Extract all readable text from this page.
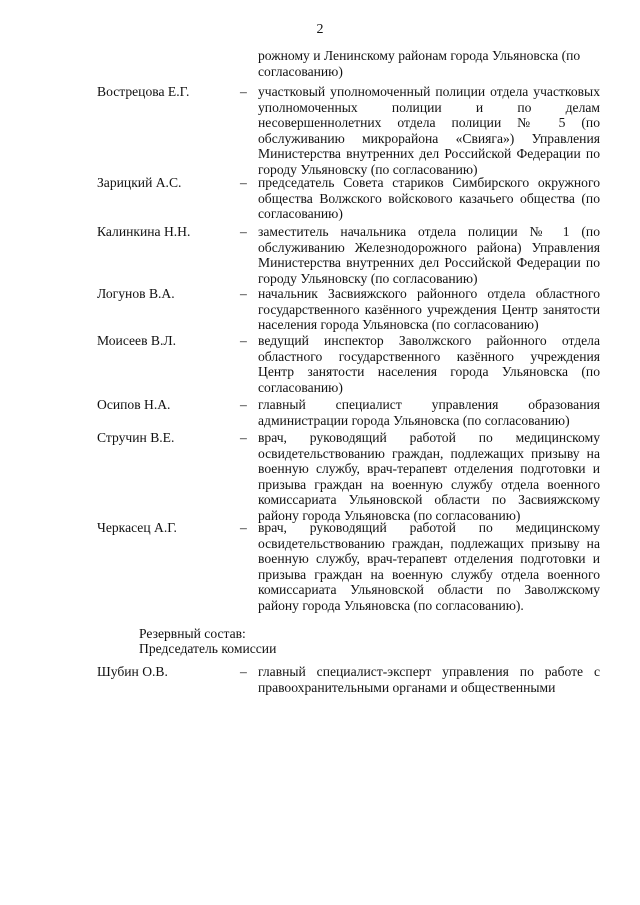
2
рожному и Ленинскому районам города Ульяновска (по согласованию)
Вострецова Е.Г.	– участковый уполномоченный полиции отдела участковых уполномоченных полиции и по делам несовершеннолетних отдела полиции № 5 (по обслуживанию микрорайона «Свияга») Управления Министерства внутренних дел Российской Федерации по городу Ульяновску (по согласованию)
Зарицкий А.С.	– председатель Совета стариков Симбирского окружного общества Волжского войскового казачьего общества (по согласованию)
Калинкина Н.Н.	– заместитель начальника отдела полиции № 1 (по обслуживанию Железнодорожного района) Управления Министерства внутренних дел Российской Федерации по городу Ульяновску (по согласованию)
Логунов В.А.	– начальник Засвияжского районного отдела областного государственного казённого учреждения Центр занятости населения города Ульяновска (по согласованию)
Моисеев В.Л.	– ведущий инспектор Заволжского районного отдела областного государственного казённого учреждения Центр занятости населения города Ульяновска (по согласованию)
Осипов Н.А.	– главный специалист управления образования администрации города Ульяновска (по согласованию)
Стручин В.Е.	– врач, руководящий работой по медицинскому освидетельствованию граждан, подлежащих призыву на военную службу, врач-терапевт отделения подготовки и призыва граждан на военную службу отдела военного комиссариата Ульяновской области по Засвияжскому району города Ульяновска (по согласованию)
Черкасец А.Г.	– врач, руководящий работой по медицинскому освидетельствованию граждан, подлежащих призыву на военную службу, врач-терапевт отделения подготовки и призыва граждан на военную службу отдела военного комиссариата Ульяновской области по Заволжскому району города Ульяновска (по согласованию).
Резервный состав:
Председатель комиссии
Шубин О.В.	– главный специалист-эксперт управления по работе с правоохранительными органами и общественными
